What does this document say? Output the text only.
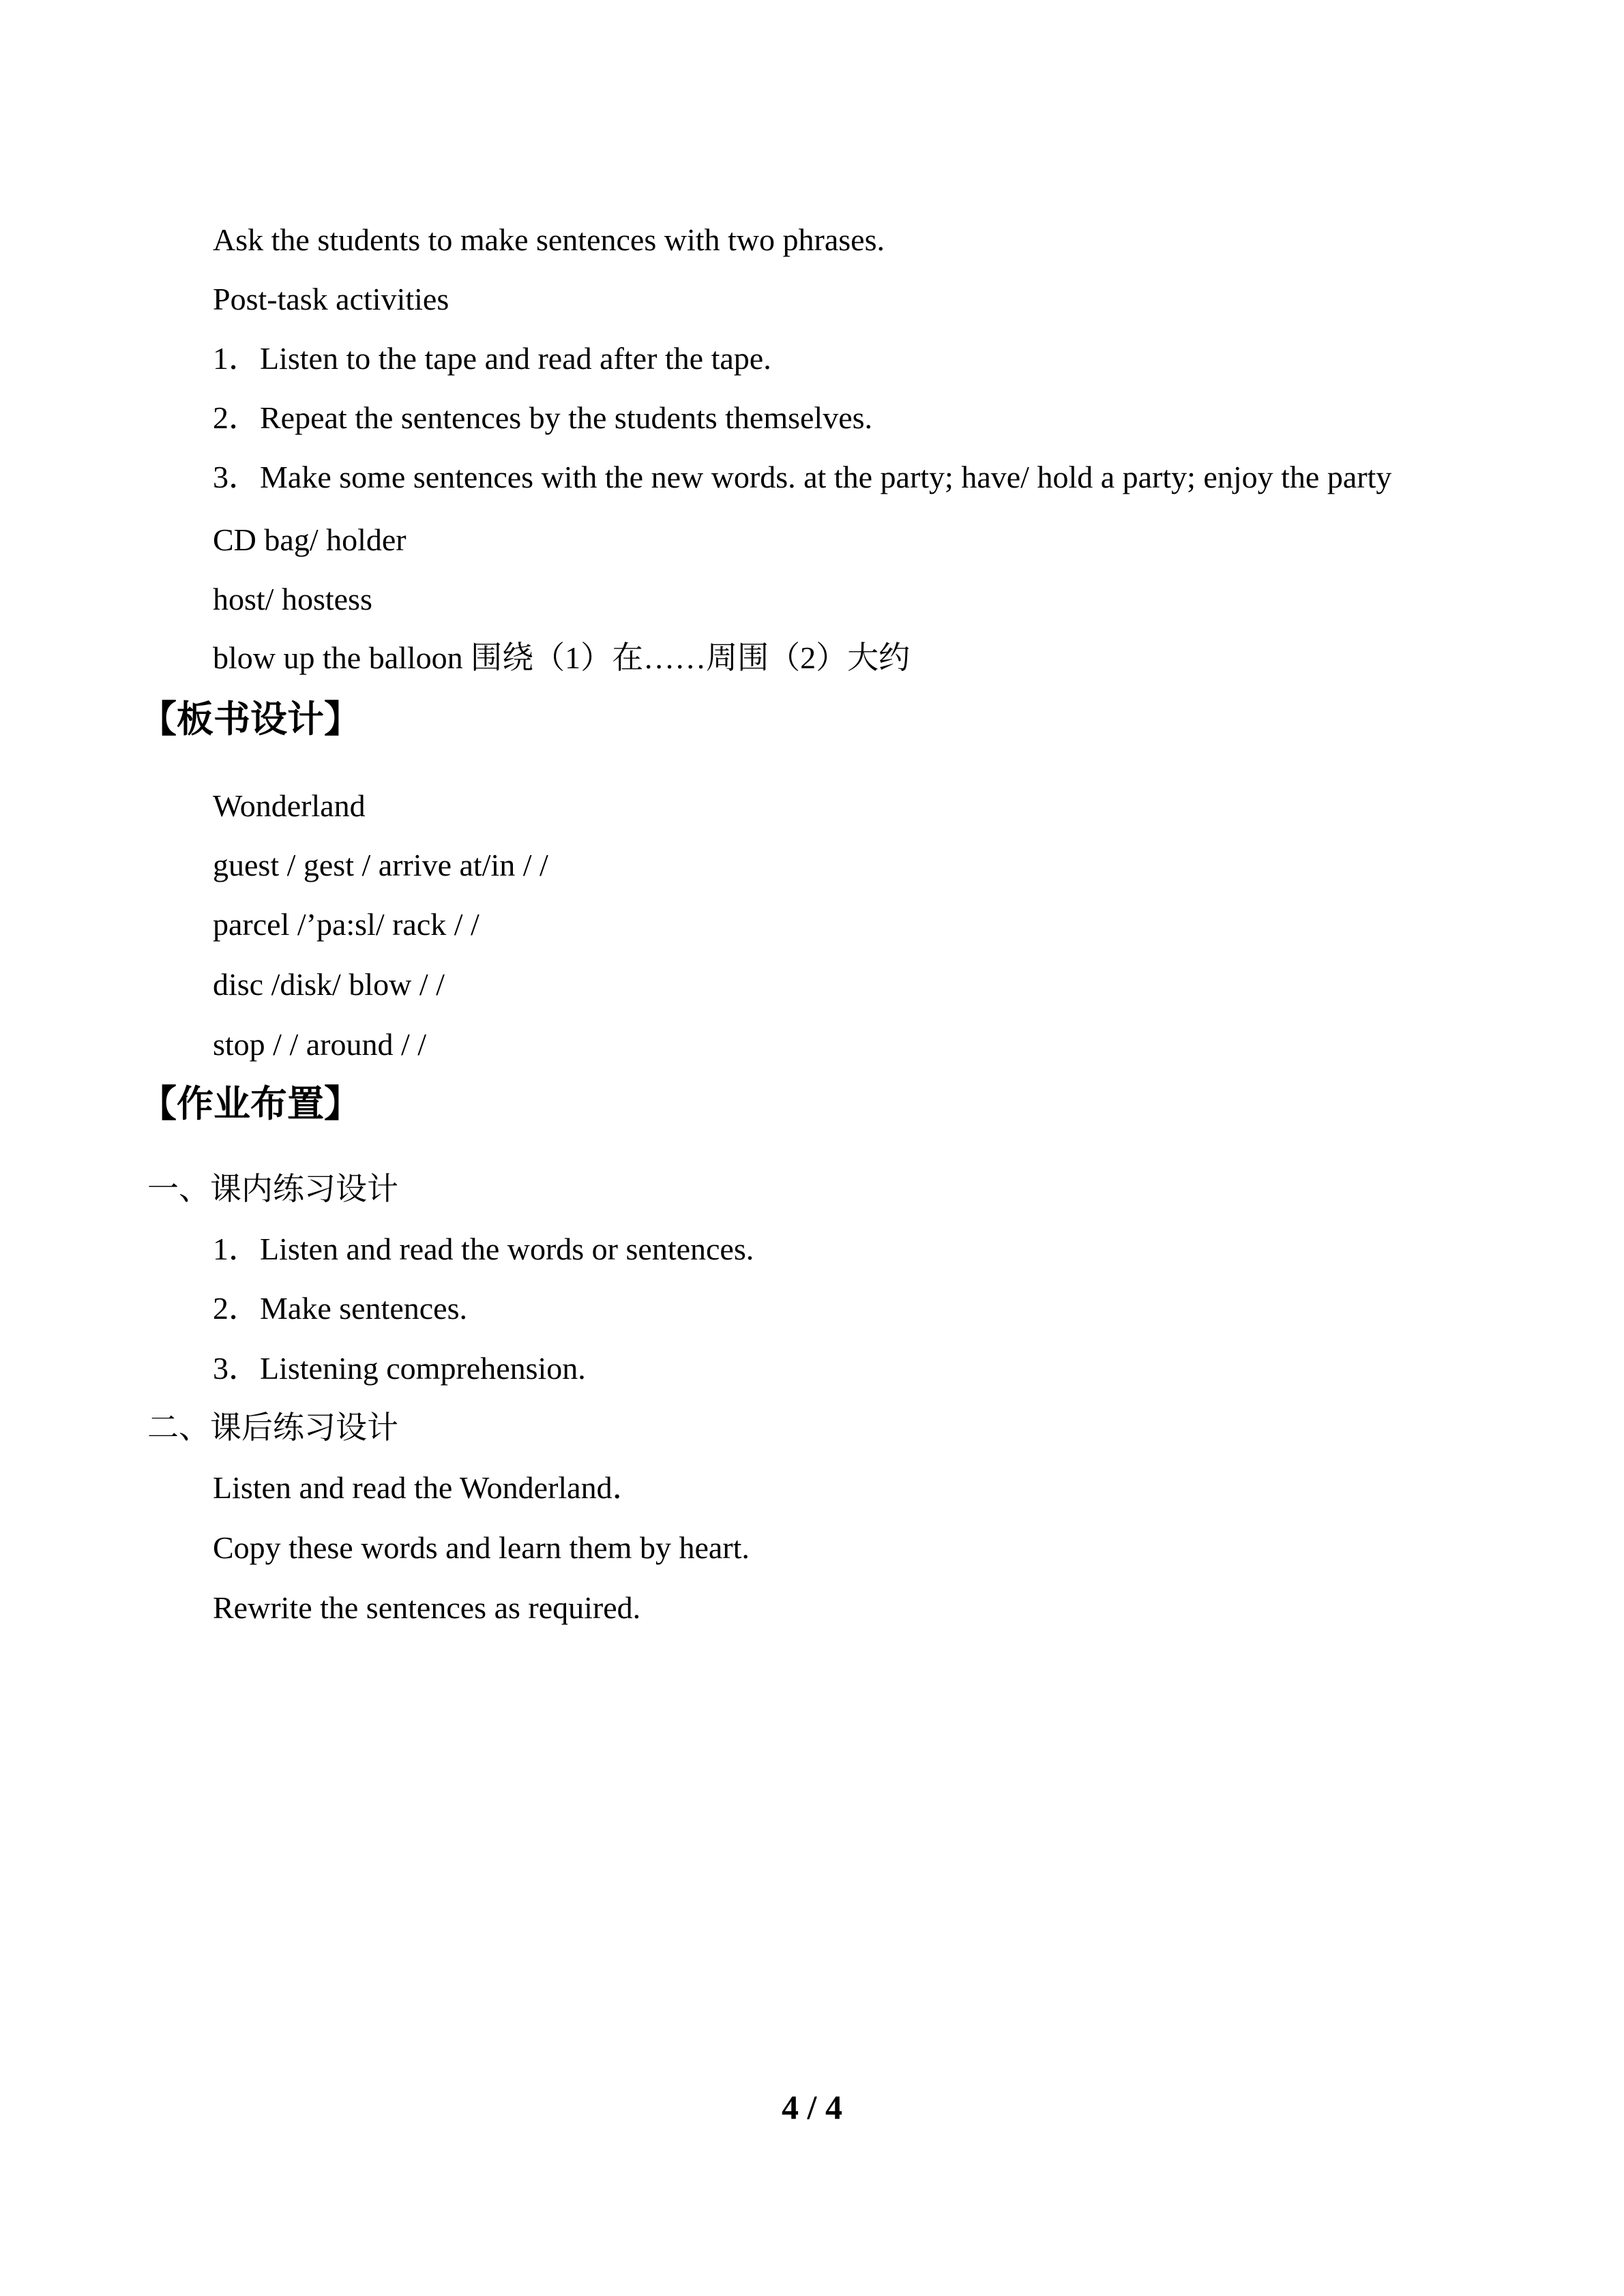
Ask the students to make sentences with two phrases.
Post-task activities
1．Listen to the tape and read after the tape.
2．Repeat the sentences by the students themselves.
3．Make some sentences with the new words. at the party; have/ hold a party; enjoy the party
CD bag/ holder
host/ hostess
blow up the balloon 围绕（1）在……周围（2）大约
【板书设计】
Wonderland
guest / gest / arrive at/in / /
parcel /’pa:sl/ rack / /
disc /disk/ blow / /
stop / / around / /
【作业布置】
一、课内练习设计
1．Listen and read the words or sentences.
2．Make sentences.
3．Listening comprehension.
二、课后练习设计
Listen and read the Wonderland．
Copy these words and learn them by heart.
Rewrite the sentences as required.
4 / 4
